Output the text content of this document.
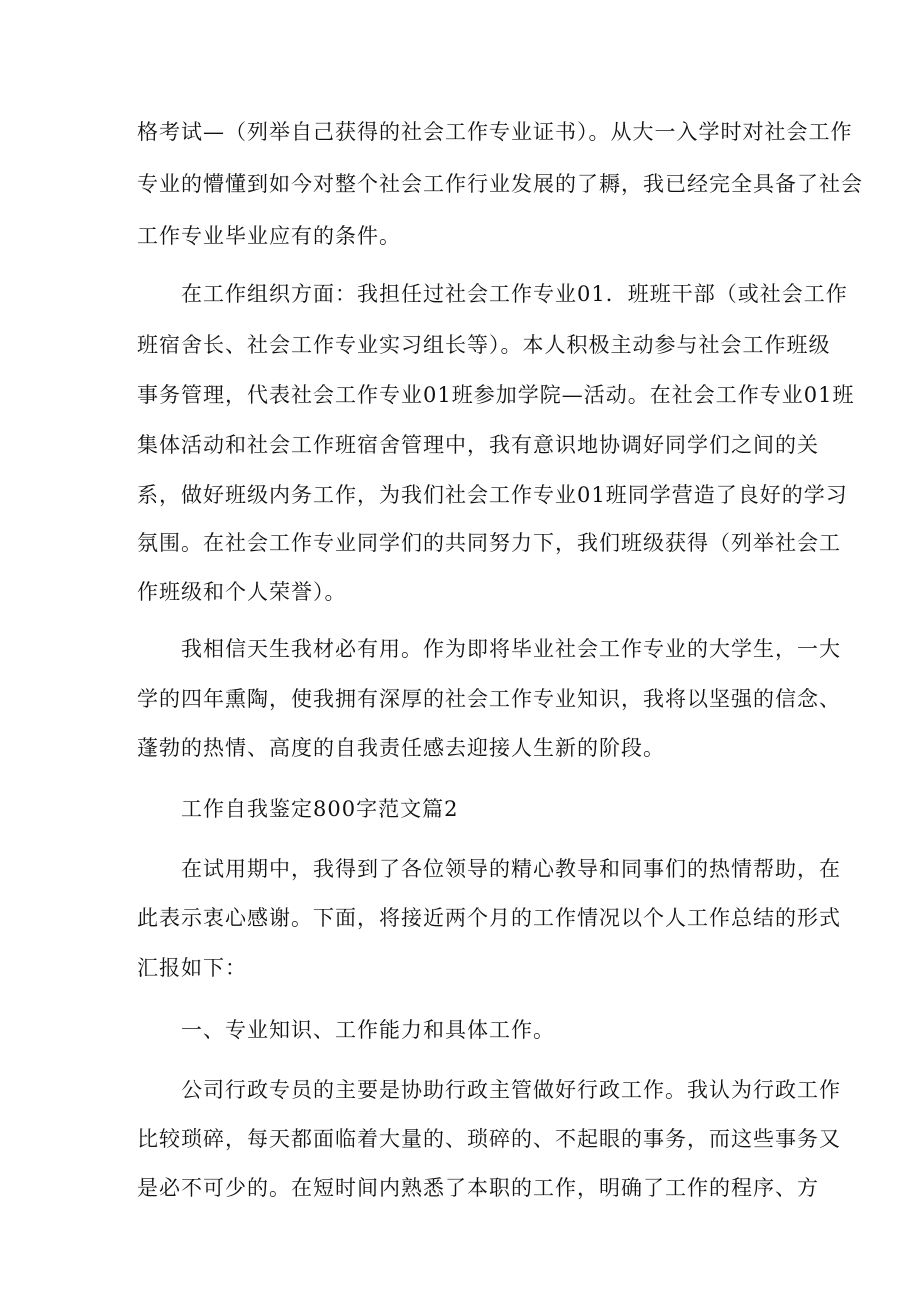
格考试—（列举自己获得的社会工作专业证书）。从大一入学时对社会工作
专业的懵懂到如今对整个社会工作行业发展的了耨，我已经完全具备了社会
工作专业毕业应有的条件。
在工作组织方面：我担任过社会工作专业01．班班干部（或社会工作
班宿舍长、社会工作专业实习组长等）。本人积极主动参与社会工作班级
事务管理，代表社会工作专业01班参加学院—活动。在社会工作专业01班
集体活动和社会工作班宿舍管理中，我有意识地协调好同学们之间的关
系，做好班级内务工作，为我们社会工作专业01班同学营造了良好的学习
氛围。在社会工作专业同学们的共同努力下，我们班级获得（列举社会工
作班级和个人荣誉）。
我相信天生我材必有用。作为即将毕业社会工作专业的大学生，一大
学的四年熏陶，使我拥有深厚的社会工作专业知识，我将以坚强的信念、
蓬勃的热情、高度的自我责任感去迎接人生新的阶段。
工作自我鉴定800字范文篇2
在试用期中，我得到了各位领导的精心教导和同事们的热情帮助，在
此表示衷心感谢。下面，将接近两个月的工作情况以个人工作总结的形式
汇报如下：
一、专业知识、工作能力和具体工作。
公司行政专员的主要是协助行政主管做好行政工作。我认为行政工作
比较琐碎，每天都面临着大量的、琐碎的、不起眼的事务，而这些事务又
是必不可少的。在短时间内熟悉了本职的工作，明确了工作的程序、方
